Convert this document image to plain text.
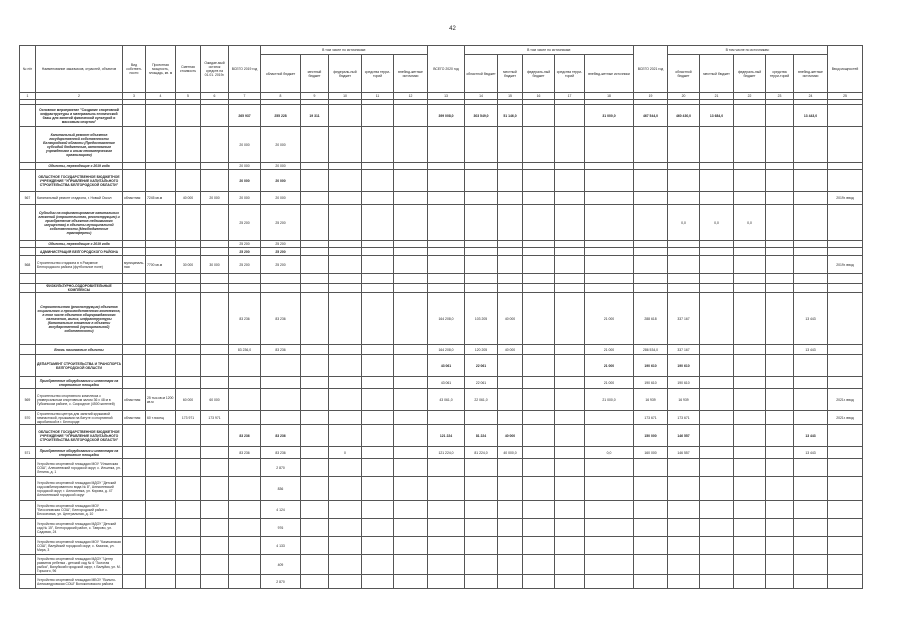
42
№ п/п	Наименование заказчиков, отраслей, объектов	Вид собствен-ности	Проектная мощность, площадь, кв. м	Сметная стоимость	Ожидае-мый остаток средств на 01.01. 2019г.	ВСЕГО 2019 год	В том числе по источникам:					ВСЕГО 2020 год	В том числе по источникам:					ВСЕГО 2021 год	В том числе по источникам:					Ввод мощностей
							областной бюджет	местный бюджет	федераль-ный бюджет	средства терри-торий	внебюд-жетные источники		областной бюджет	местный бюджет	федераль-ный бюджет	средства терри-торий	внебюд-жетные источники		областной бюджет	местный бюджет	федераль-ный бюджет	средства терри-торий	внебюд-жетные источники	
1	2	3	4	5	6	7	8	9	10	11	12	13	14	15	16	17	18	19	20	21	22	23	24	25

	Основное мероприятие "Создание спортивной инфраструктуры и материально-технической базы для занятий физической культурой и массовым спортом"					265 937	255 228	19 311				399 008,0	303 549,0	51 146,0			31 000,0	467 544,0	460 430,0	13 684,0			13 443,0	
	Капитальный ремонт объектов государственной собственности Белгородской области (Предоставление субсидий бюджетным, автономным учреждениям и иным некоммерческим организациям)					20 000	20 000																	
	Объекты, переходящие с 2019 года					20 000	20 000																	
	ОБЛАСТНОЕ ГОСУДАРСТВЕННОЕ БЮДЖЕТНОЕ УЧРЕЖДЕНИЕ "УПРАВЛЕНИЕ КАПИТАЛЬНОГО СТРОИТЕЛЬСТВА БЕЛГОРОДСКОЙ ОБЛАСТИ"					20 000	20 000																	
567	Капитальный ремонт стадиона, г. Новый Оскол	областная	7245 кв.м	40 000	20 000	20 000	20 000																	2019г. ввод
	Субсидии на софинансирование капитальных вложений (строительство, реконструкцию) и приобретение объектов недвижимого имущества) в объекты муниципальной собственности (Межбюджетные трансферты)					25 200	25 200												0,0	0,0	0,0			
	Объекты, переходящие с 2019 года					25 200	25 200																	
	АДМИНИСТРАЦИЯ БЕЛГОРОДСКОГО РАЙОНА					25 200	25 200																	
568	Строительство стадиона в п.Разумное Белгородского района (футбольное поле)	муниципаль-ная	7700 кв.м	30 000	30 000	25 200	25 200																	2019г. ввод

	ФИЗКУЛЬТУРНО-ОЗДОРОВИТЕЛЬНЫЕ КОМПЛЕКСЫ																							
	Строительство (реконструкция) объектов социального и производственного комплексов, в том числе объектов общегражданского назначения, жилья, инфраструктуры (Капитальные вложения в объекты государственной (муниципальной) собственности)					83 236	83 236					164 208,0	103 205	40 000			21 000	288 618	337 167				13 443	
	Вновь начинаемые объекты					83 236,0	83 236					164 208,0	120 205	40 000			21 000	286 534,0	337 167				13 443	
	ДЕПАРТАМЕНТ СТРОИТЕЛЬСТВА И ТРАНСПОРТА БЕЛГОРОДСКОЙ ОБЛАСТИ											43 061	22 061				21 000	190 610	190 610					
	Приобретение оборудования и инвентаря на спортивные площадки											43 061	22 061				21 000	190 610	190 610					
569	Строительство спортивного комплекса с универсальным спортивным залом 36 х 48 м в Губкинском районе, с. Скородное (4500 жителей)	областная	25 тыс.кв.м 1200 кв.м	60 000	60 000							43 061,0	22 061,0				21 000,0	16 939	16 939					2021г. ввод
570	Строительство центра для занятий кружковой гимнастикой, прыжками на батуте и спортивной акробатикой в г. Белгороде	областная	60 т.посещ	173 971	173 971													173 671	173 671					2021г. ввод
	ОБЛАСТНОЕ ГОСУДАРСТВЕННОЕ БЮДЖЕТНОЕ УЧРЕЖДЕНИЕ "УПРАВЛЕНИЕ КАПИТАЛЬНОГО СТРОИТЕЛЬСТВА БЕЛГОРОДСКОЙ ОБЛАСТИ"					83 236	83 236					121 224	81 224	40 000				150 000	146 557				13 443	
571	Приобретение оборудования и инвентаря на спортивные площадки					83 236	83 236		0			121 224,0	81 224,0	40 000,0			0,0	160 000	146 557				13 443	
	Устройство спортивной площадки МОУ "Ильинская СОШ", Алексеевский городской округ, с. Ильинка, ул. Ленина, д. 1						2 870																	
	Устройство спортивной площадки МДОУ "Детский сад комбинированного вида № 8", Алексеевский городской округ, г. Алексеевка, ул. Кирова, д. 47 Алексеевский городской округ						836																	
	Устройство спортивной площадки МОУ "Бессоновская СОШ", Белгородский район с. Бессоновка, ул. Центральная, д. 10						4 124																	
	Устройство спортивной площадки МДОУ "Детский сад № 15", Белгородский район, с. Таврово, ул. Садовая, 24						976																	
	Устройство спортивной площадки МОУ "Казачанская СОШ", Валуйский городской округ, с. Казачок, ул. Мира, 3						4 133																	
	Устройство спортивной площадки МДОУ "Центр развития ребенка - детский сад № 6 "Золотая рыбка", Валуйский городской округ, г. Валуйки, ул. М. Горького, 96						409																	
	Устройство спортивной площадки МБОУ "Вольно-Александровская СОШ" Волоконовского района						2 870																	
